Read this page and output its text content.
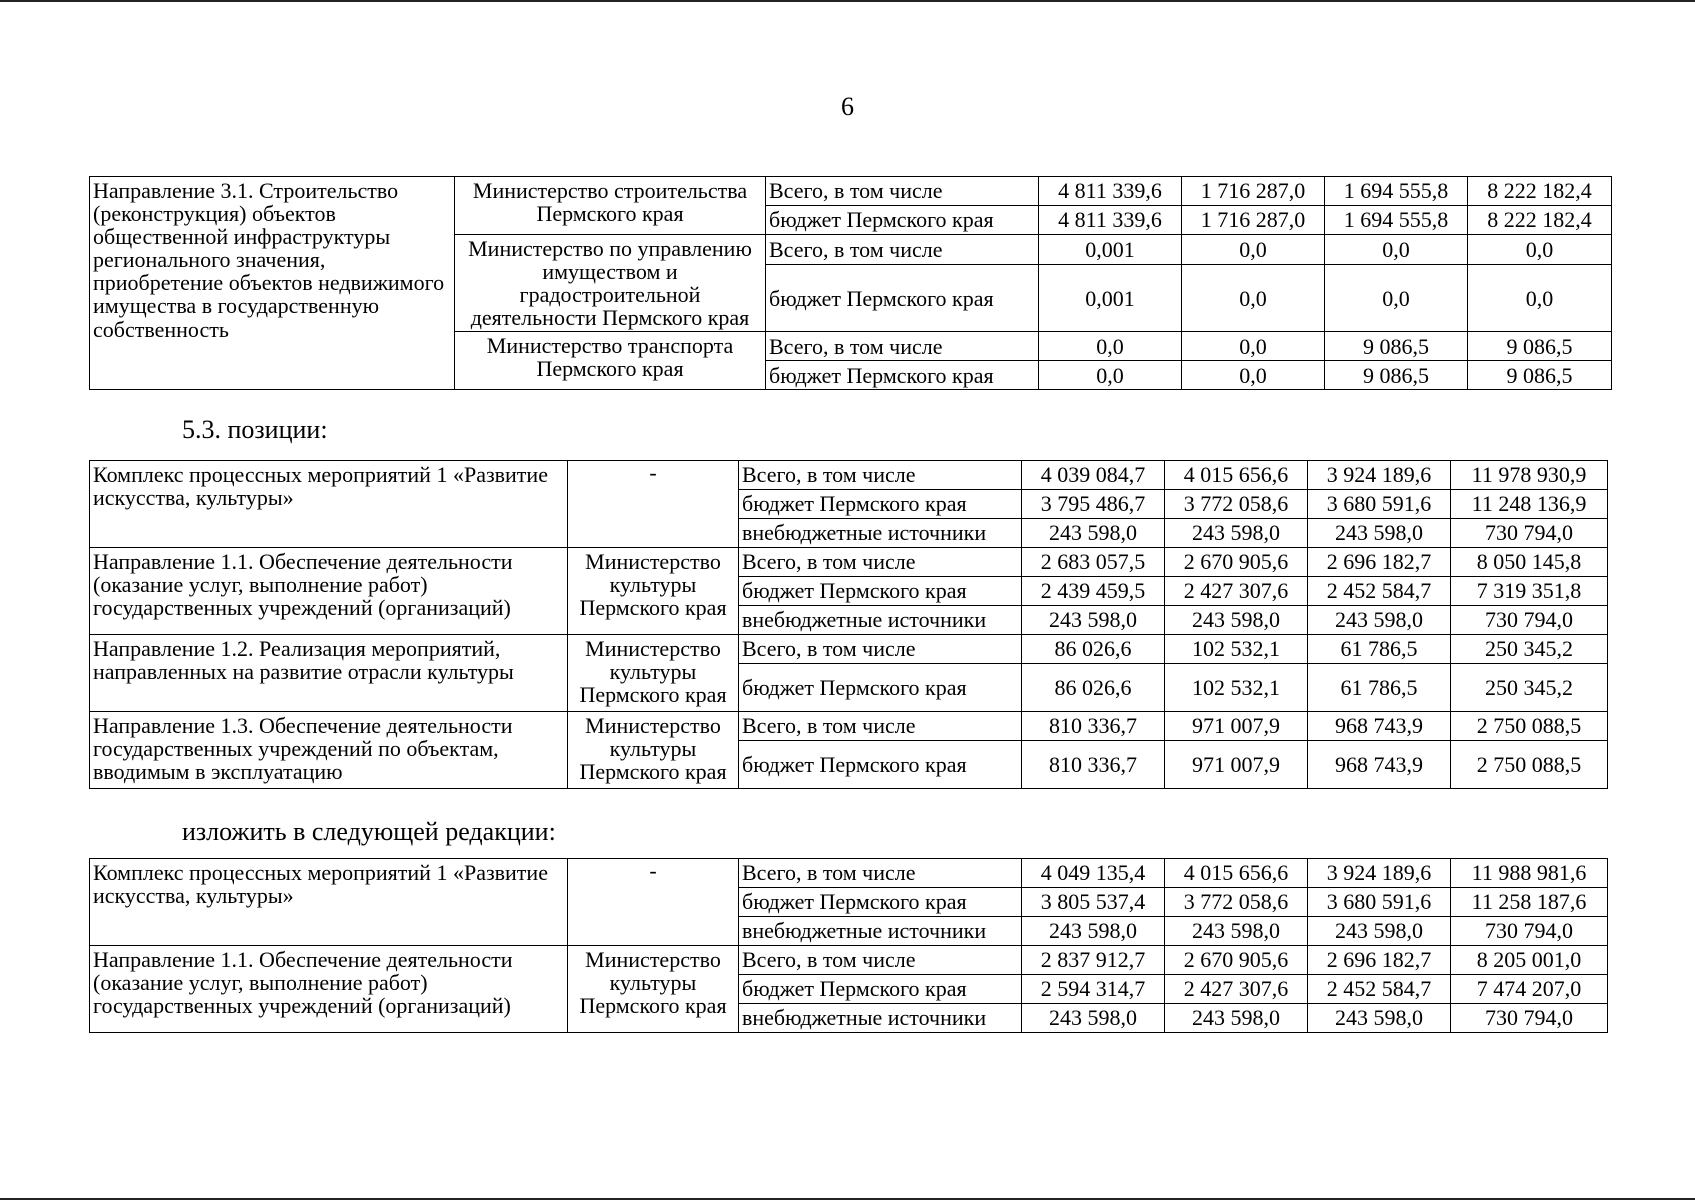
6
Направление 3.1. Строительство (реконструкция) объектов общественной инфраструктуры регионального значения, приобретение объектов недвижимого имущества в государственную собственность	Министерство строительства Пермского края	Всего, в том числе	4 811 339,6	1 716 287,0	1 694 555,8	8 222 182,4
		бюджет Пермского края	4 811 339,6	1 716 287,0	1 694 555,8	8 222 182,4
	Министерство по управлению имуществом и градостроительной деятельности Пермского края	Всего, в том числе	0,001	0,0	0,0	0,0
		бюджет Пермского края	0,001	0,0	0,0	0,0
	Министерство транспорта Пермского края	Всего, в том числе	0,0	0,0	9 086,5	9 086,5
		бюджет Пермского края	0,0	0,0	9 086,5	9 086,5
5.3. позиции:
Комплекс процессных мероприятий 1 «Развитие искусства, культуры»	-	Всего, в том числе	4 039 084,7	4 015 656,6	3 924 189,6	11 978 930,9
		бюджет Пермского края	3 795 486,7	3 772 058,6	3 680 591,6	11 248 136,9
		внебюджетные источники	243 598,0	243 598,0	243 598,0	730 794,0
Направление 1.1. Обеспечение деятельности (оказание услуг, выполнение работ) государственных учреждений (организаций)	Министерство культуры Пермского края	Всего, в том числе	2 683 057,5	2 670 905,6	2 696 182,7	8 050 145,8
		бюджет Пермского края	2 439 459,5	2 427 307,6	2 452 584,7	7 319 351,8
		внебюджетные источники	243 598,0	243 598,0	243 598,0	730 794,0
Направление 1.2. Реализация мероприятий, направленных на развитие отрасли культуры	Министерство культуры Пермского края	Всего, в том числе	86 026,6	102 532,1	61 786,5	250 345,2
		бюджет Пермского края	86 026,6	102 532,1	61 786,5	250 345,2
Направление 1.3. Обеспечение деятельности государственных учреждений по объектам, вводимым в эксплуатацию	Министерство культуры Пермского края	Всего, в том числе	810 336,7	971 007,9	968 743,9	2 750 088,5
		бюджет Пермского края	810 336,7	971 007,9	968 743,9	2 750 088,5
изложить в следующей редакции:
Комплекс процессных мероприятий 1 «Развитие искусства, культуры»	-	Всего, в том числе	4 049 135,4	4 015 656,6	3 924 189,6	11 988 981,6
		бюджет Пермского края	3 805 537,4	3 772 058,6	3 680 591,6	11 258 187,6
		внебюджетные источники	243 598,0	243 598,0	243 598,0	730 794,0
Направление 1.1. Обеспечение деятельности (оказание услуг, выполнение работ) государственных учреждений (организаций)	Министерство культуры Пермского края	Всего, в том числе	2 837 912,7	2 670 905,6	2 696 182,7	8 205 001,0
		бюджет Пермского края	2 594 314,7	2 427 307,6	2 452 584,7	7 474 207,0
		внебюджетные источники	243 598,0	243 598,0	243 598,0	730 794,0
